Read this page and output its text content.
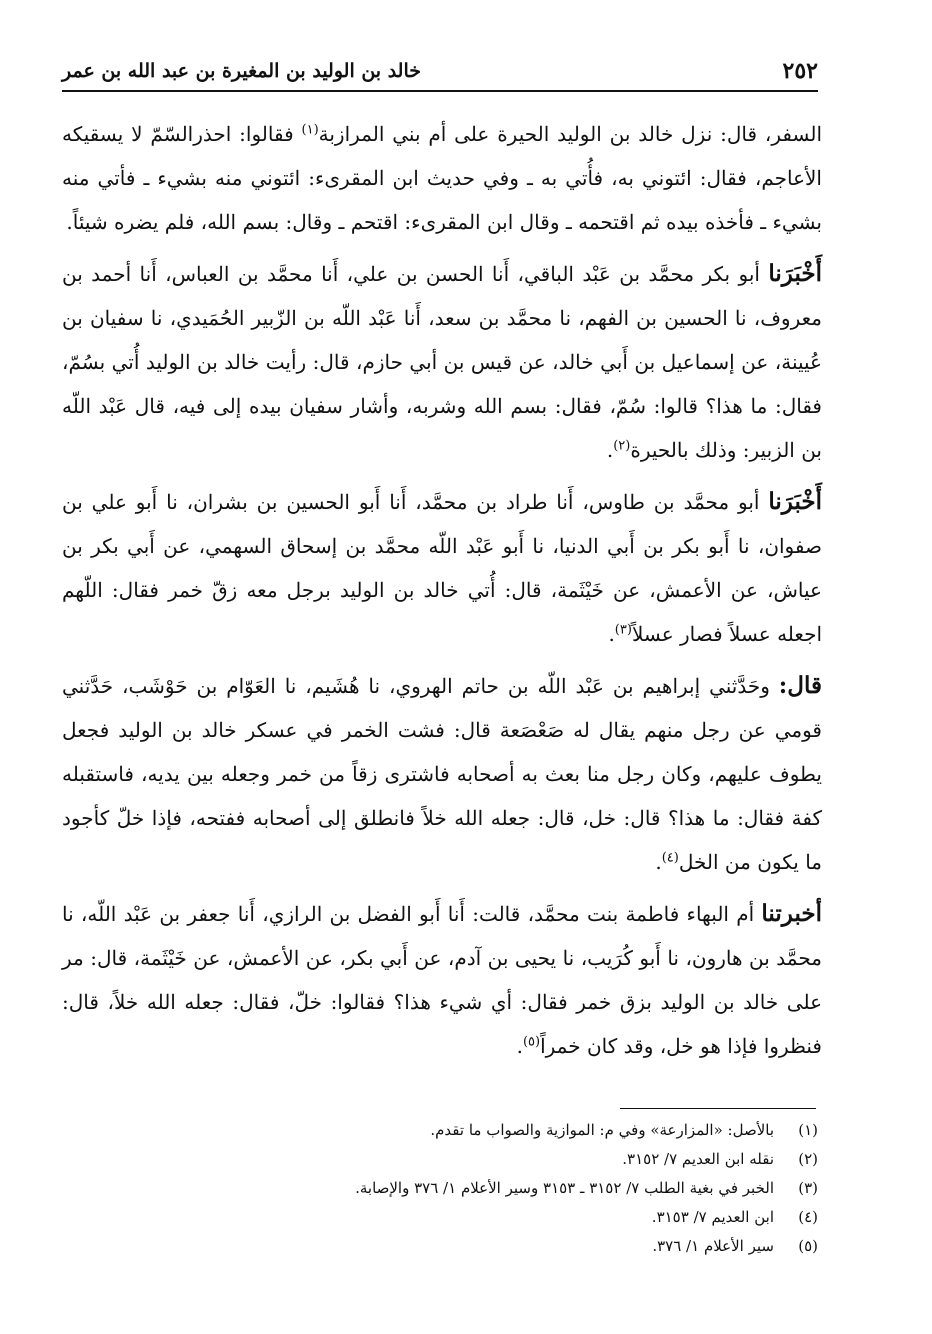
٢٥٢
خالد بن الوليد بن المغيرة بن عبد الله بن عمر

السفر، قال: نزل خالد بن الوليد الحيرة على أم بني المرازبة$^{(١)}$ فقالوا: احذرالسّمّ لا يسقيكه الأعاجم، فقال: ائتوني به، فأُتي به ـ وفي حديث ابن المقرىء: ائتوني منه بشيء ـ فأتي منه بشيء ـ فأخذه بيده ثم اقتحمه ـ وقال ابن المقرىء: اقتحم ـ وقال: بسم الله، فلم يضره شيئاً.

أَخْبَرَنا أبو بكر محمَّد بن عَبْد الباقي، أَنا الحسن بن علي، أَنا محمَّد بن العباس، أَنا أحمد بن معروف، نا الحسين بن الفهم، نا محمَّد بن سعد، أَنا عَبْد اللّه بن الزّبير الحُمَيدي، نا سفيان بن عُيينة، عن إسماعيل بن أَبي خالد، عن قيس بن أبي حازم، قال: رأيت خالد بن الوليد أُتي بسُمّ، فقال: ما هذا؟ قالوا: سُمّ، فقال: بسم الله وشربه، وأشار سفيان بيده إلى فيه، قال عَبْد اللّه بن الزبير: وذلك بالحيرة$^{(٢)}$.

أَخْبَرَنا أبو محمَّد بن طاوس، أَنا طراد بن محمَّد، أَنا أَبو الحسين بن بشران، نا أَبو علي بن صفوان، نا أَبو بكر بن أَبي الدنيا، نا أَبو عَبْد اللّه محمَّد بن إسحاق السهمي، عن أَبي بكر بن عياش، عن الأعمش، عن خَيْثَمة، قال: أُتي خالد بن الوليد برجل معه زقّ خمر فقال: اللّهم اجعله عسلاً فصار عسلاً$^{(٣)}$.

قال: وحَدَّثني إبراهيم بن عَبْد اللّه بن حاتم الهروي، نا هُشَيم، نا العَوّام بن حَوْشَب، حَدَّثني قومي عن رجل منهم يقال له صَعْصَعة قال: فشت الخمر في عسكر خالد بن الوليد فجعل يطوف عليهم، وكان رجل منا بعث به أصحابه فاشترى زقاً من خمر وجعله بين يديه، فاستقبله كفة فقال: ما هذا؟ قال: خل، قال: جعله الله خلاً فانطلق إلى أصحابه ففتحه، فإذا خلّ كأجود ما يكون من الخل$^{(٤)}$.

أخبرتنا أم البهاء فاطمة بنت محمَّد، قالت: أَنا أَبو الفضل بن الرازي، أَنا جعفر بن عَبْد اللّه، نا محمَّد بن هارون، نا أَبو كُرَيب، نا يحيى بن آدم، عن أَبي بكر، عن الأعمش، عن خَيْثَمة، قال: مر على خالد بن الوليد بزق خمر فقال: أي شيء هذا؟ فقالوا: خلّ، فقال: جعله الله خلاً، قال: فنظروا فإذا هو خل، وقد كان خمراً$^{(٥)}$.

(١)
بالأصل: «المزارعة» وفي م: الموازية والصواب ما تقدم.

(٢)
نقله ابن العديم ٧/ ٣١٥٢.

(٣)
الخبر في بغية الطلب ٧/ ٣١٥٢ ـ ٣١٥٣ وسير الأعلام ١/ ٣٧٦ والإصابة.

(٤)
ابن العديم ٧/ ٣١٥٣.

(٥)
سير الأعلام ١/ ٣٧٦.
